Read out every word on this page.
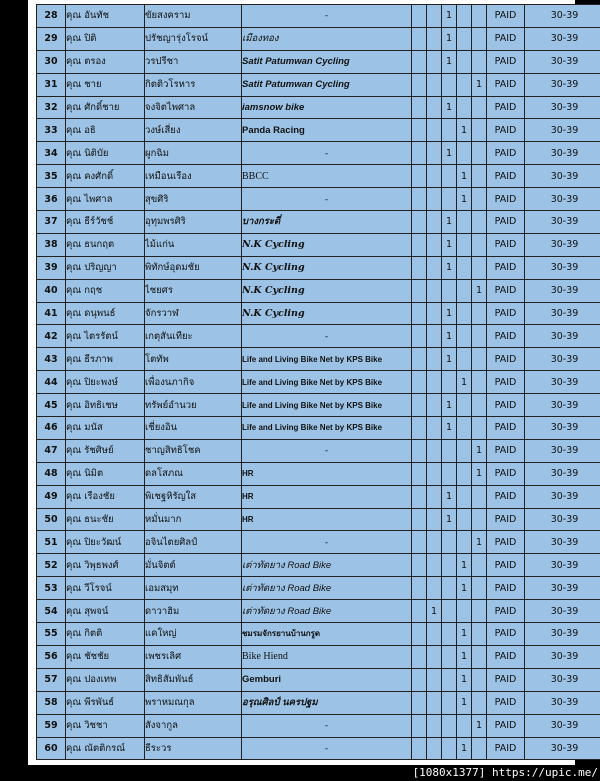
28	คุณ อันทัช	ขัยสงคราม	-			1			PAID	30-39
29	คุณ ปิติ	ปรัชญารุ่งโรจน์	เมืองทอง			1			PAID	30-39
30	คุณ ตรอง	วรปรีชา	Satit Patumwan Cycling			1			PAID	30-39
31	คุณ ชาย	กิตติวโรหาร	Satit Patumwan Cycling					1	PAID	30-39
32	คุณ ศักดิ์ชาย	จงจิตไพศาล	iamsnow bike			1			PAID	30-39
33	คุณ อธิ	วงษ์เสี่ยง	Panda Racing				1		PAID	30-39
34	คุณ นิติบัย	ผูกฉิม	-			1			PAID	30-39
35	คุณ คงศักดิ์	เหมือนเรือง	BBCC				1		PAID	30-39
36	คุณ ไพศาล	สุขศิริ	-				1		PAID	30-39
37	คุณ ธีร์วัชช์	อุทุมพรศิริ	บางกระดี่			1			PAID	30-39
38	คุณ ธนกฤต	ไม้แก่น	N.K Cycling			1			PAID	30-39
39	คุณ ปริญญา	พิทักษ์อุดมชัย	N.K Cycling			1			PAID	30-39
40	คุณ กฤช	ไชยศร	N.K Cycling					1	PAID	30-39
41	คุณ ดนุพนธ์	จักรวาฬ	N.K Cycling			1			PAID	30-39
42	คุณ ไตรรัตน์	เกตุสันเทียะ	-			1			PAID	30-39
43	คุณ ธีรภาพ	โตทัพ	Life and Living Bike Net by KPS Bike			1			PAID	30-39
44	คุณ ปิยะพงษ์	เพื่องนภากิจ	Life and Living Bike Net by KPS Bike				1		PAID	30-39
45	คุณ อิทธิเชษ	ทรัพย์อำนวย	Life and Living Bike Net by KPS Bike			1			PAID	30-39
46	คุณ มนัส	เชี่ยงอิน	Life and Living Bike Net by KPS Bike			1			PAID	30-39
47	คุณ รัชศิษย์	ชาญสิทธิโชค	-					1	PAID	30-39
48	คุณ นิมิต	ดลโสภณ	HR					1	PAID	30-39
49	คุณ เรืองชัย	พิเชฐหิรัญใส	HR			1			PAID	30-39
50	คุณ ธนะชัย	หมั่นมาก	HR			1			PAID	30-39
51	คุณ ปิยะวัฒน์	อจินไตยศิลป์	-					1	PAID	30-39
52	คุณ วิพุธพงศ์	มั่นจิตต์	เต่าทัดยาง Road Bike				1		PAID	30-39
53	คุณ วีโรจน์	เอมสมุท	เต่าทัดยาง Road Bike				1		PAID	30-39
54	คุณ สุพจน์	ดาวาฮิม	เต่าทัดยาง Road Bike		1				PAID	30-39
55	คุณ กิตติ	แคใหญ่	ชมรมจักรยานบ้านกรูด				1		PAID	30-39
56	คุณ ชัชชัย	เพชรเลิศ	Bike Hiend				1		PAID	30-39
57	คุณ ปองเทพ	สิทธิสัมพันธ์	Gemburi				1		PAID	30-39
58	คุณ พีรพันธ์	พราหมณกุล	อรุณศิลป์ นครปฐม				1		PAID	30-39
59	คุณ วิชชา	สังจากูล	-					1	PAID	30-39
60	คุณ ณัตติกรณ์	ธีระวร	-				1		PAID	30-39
[1080x1377] https://upic.me/
